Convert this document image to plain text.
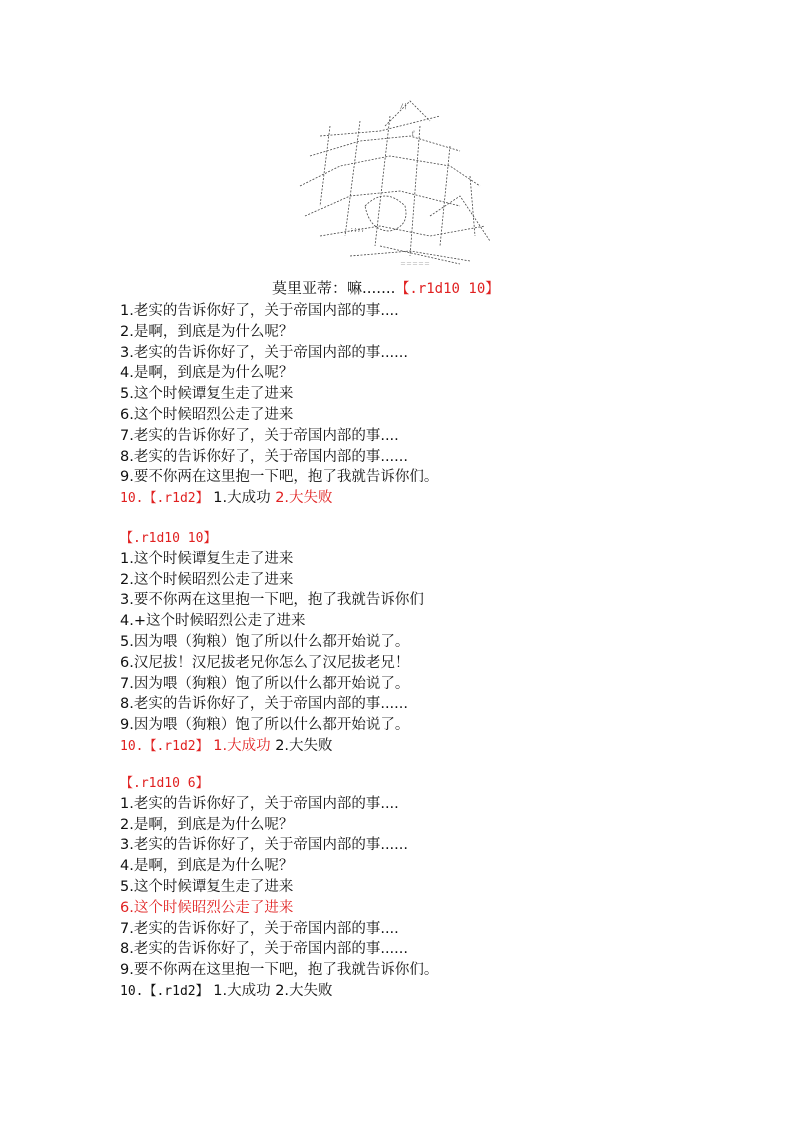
/|
ｆ
;;;;
＝＝＝＝＝
莫里亚蒂：嘛.......【.r1d10 10】
1.老实的告诉你好了，关于帝国内部的事....
2.是啊，到底是为什么呢？
3.老实的告诉你好了，关于帝国内部的事......
4.是啊，到底是为什么呢？
5.这个时候谭复生走了进来
6.这个时候昭烈公走了进来
7.老实的告诉你好了，关于帝国内部的事....
8.老实的告诉你好了，关于帝国内部的事......
9.要不你两在这里抱一下吧，抱了我就告诉你们。
10.【.r1d2】 1.大成功 2.大失败
【.r1d10 10】
1.这个时候谭复生走了进来
2.这个时候昭烈公走了进来
3.要不你两在这里抱一下吧，抱了我就告诉你们
4.+这个时候昭烈公走了进来
5.因为喂（狗粮）饱了所以什么都开始说了。
6.汉尼拔！汉尼拔老兄你怎么了汉尼拔老兄！
7.因为喂（狗粮）饱了所以什么都开始说了。
8.老实的告诉你好了，关于帝国内部的事......
9.因为喂（狗粮）饱了所以什么都开始说了。
10.【.r1d2】 1.大成功 2.大失败
【.r1d10 6】
1.老实的告诉你好了，关于帝国内部的事....
2.是啊，到底是为什么呢？
3.老实的告诉你好了，关于帝国内部的事......
4.是啊，到底是为什么呢？
5.这个时候谭复生走了进来
6.这个时候昭烈公走了进来
7.老实的告诉你好了，关于帝国内部的事....
8.老实的告诉你好了，关于帝国内部的事......
9.要不你两在这里抱一下吧，抱了我就告诉你们。
10.【.r1d2】 1.大成功 2.大失败
